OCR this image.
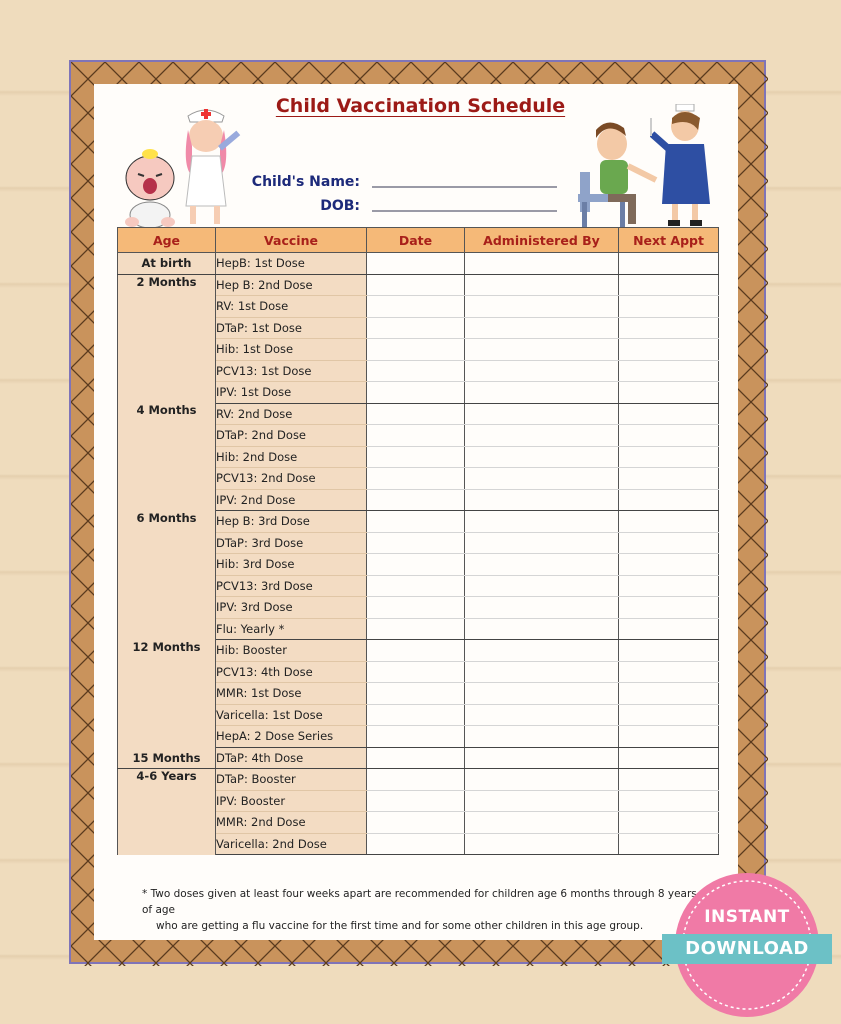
Child Vaccination Schedule
Child's Name:
DOB:
Age	Vaccine	Date	Administered By	Next Appt
At birth	HepB: 1st Dose			
2 Months	Hep B: 2nd Dose			
	RV: 1st Dose			
	DTaP: 1st Dose			
	Hib: 1st Dose			
	PCV13: 1st Dose			
	IPV: 1st Dose			
4 Months	RV: 2nd Dose			
	DTaP: 2nd Dose			
	Hib: 2nd Dose			
	PCV13: 2nd Dose			
	IPV: 2nd Dose			
6 Months	Hep B: 3rd Dose			
	DTaP: 3rd Dose			
	Hib: 3rd Dose			
	PCV13: 3rd Dose			
	IPV: 3rd Dose			
	Flu: Yearly *			
12 Months	Hib: Booster			
	PCV13: 4th Dose			
	MMR: 1st Dose			
	Varicella: 1st Dose			
	HepA: 2 Dose Series			
15 Months	DTaP: 4th Dose			
4-6 Years	DTaP: Booster			
	IPV: Booster			
	MMR: 2nd Dose			
	Varicella: 2nd Dose			
* Two doses given at least four weeks apart are recommended for children age 6 months through 8 years of age
who are getting a flu vaccine for the first time and for some other children in this age group.	INSTANT
DOWNLOAD
